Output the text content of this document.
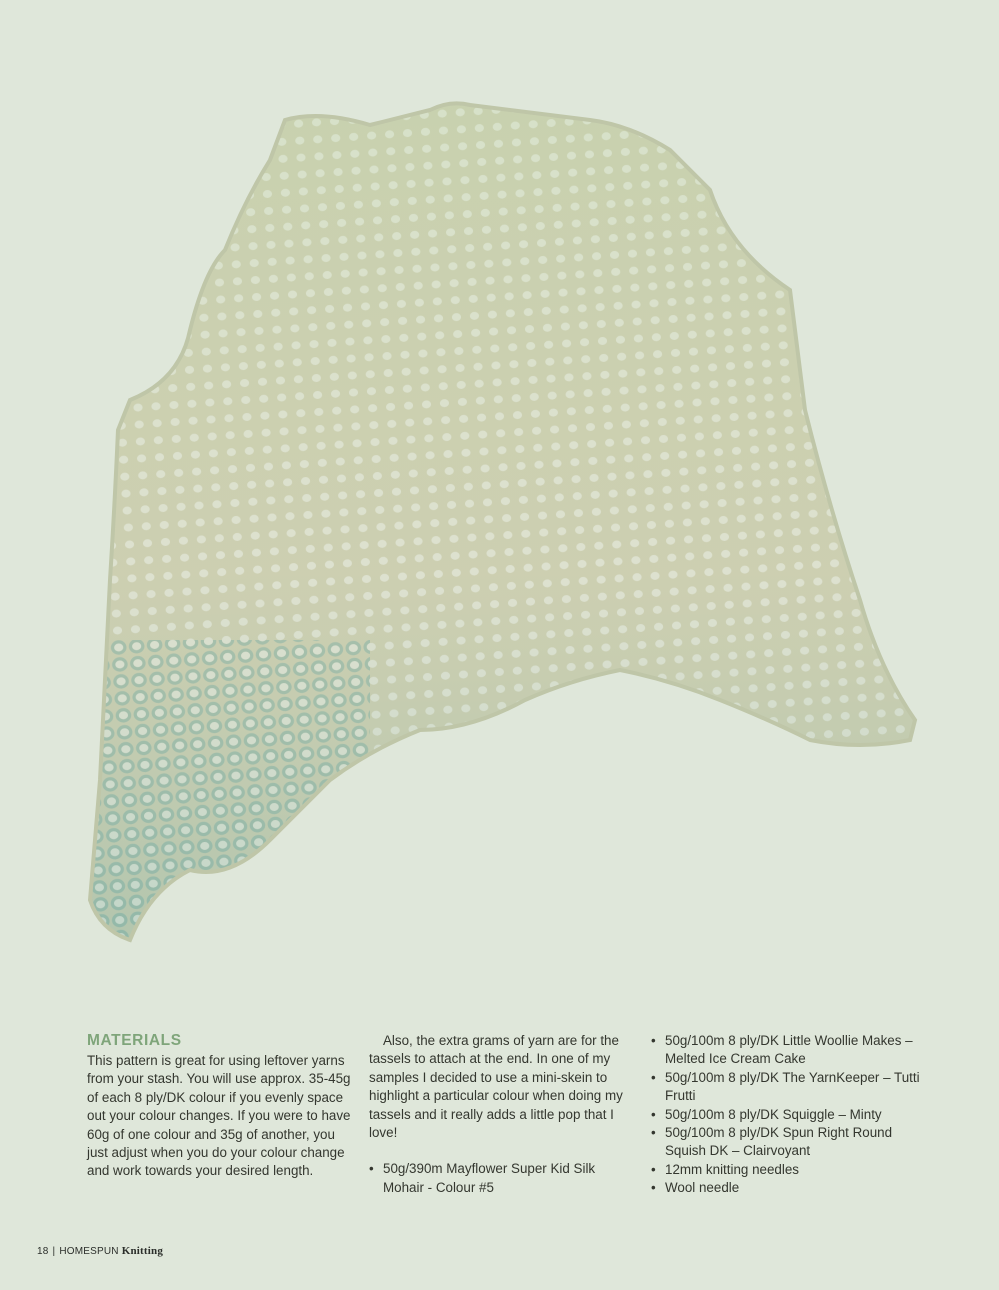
MATERIALS

This pattern is great for using leftover yarns from your stash. You will use approx. 35-45g of each 8 ply/DK colour if you evenly space out your colour changes. If you were to have 60g of one colour and 35g of another, you just adjust when you do your colour change and work towards your desired length.

Also, the extra grams of yarn are for the tassels to attach at the end. In one of my samples I decided to use a mini-skein to highlight a particular colour when doing my tassels and it really adds a little pop that I love!

• 50g/390m Mayflower Super Kid Silk Mohair - Colour #5
• 50g/100m 8 ply/DK Little Woollie Makes – Melted Ice Cream Cake
• 50g/100m 8 ply/DK The YarnKeeper – Tutti Frutti
• 50g/100m 8 ply/DK Squiggle – Minty
• 50g/100m 8 ply/DK Spun Right Round Squish DK – Clairvoyant
• 12mm knitting needles
• Wool needle
18 | HOMESPUN Knitting
